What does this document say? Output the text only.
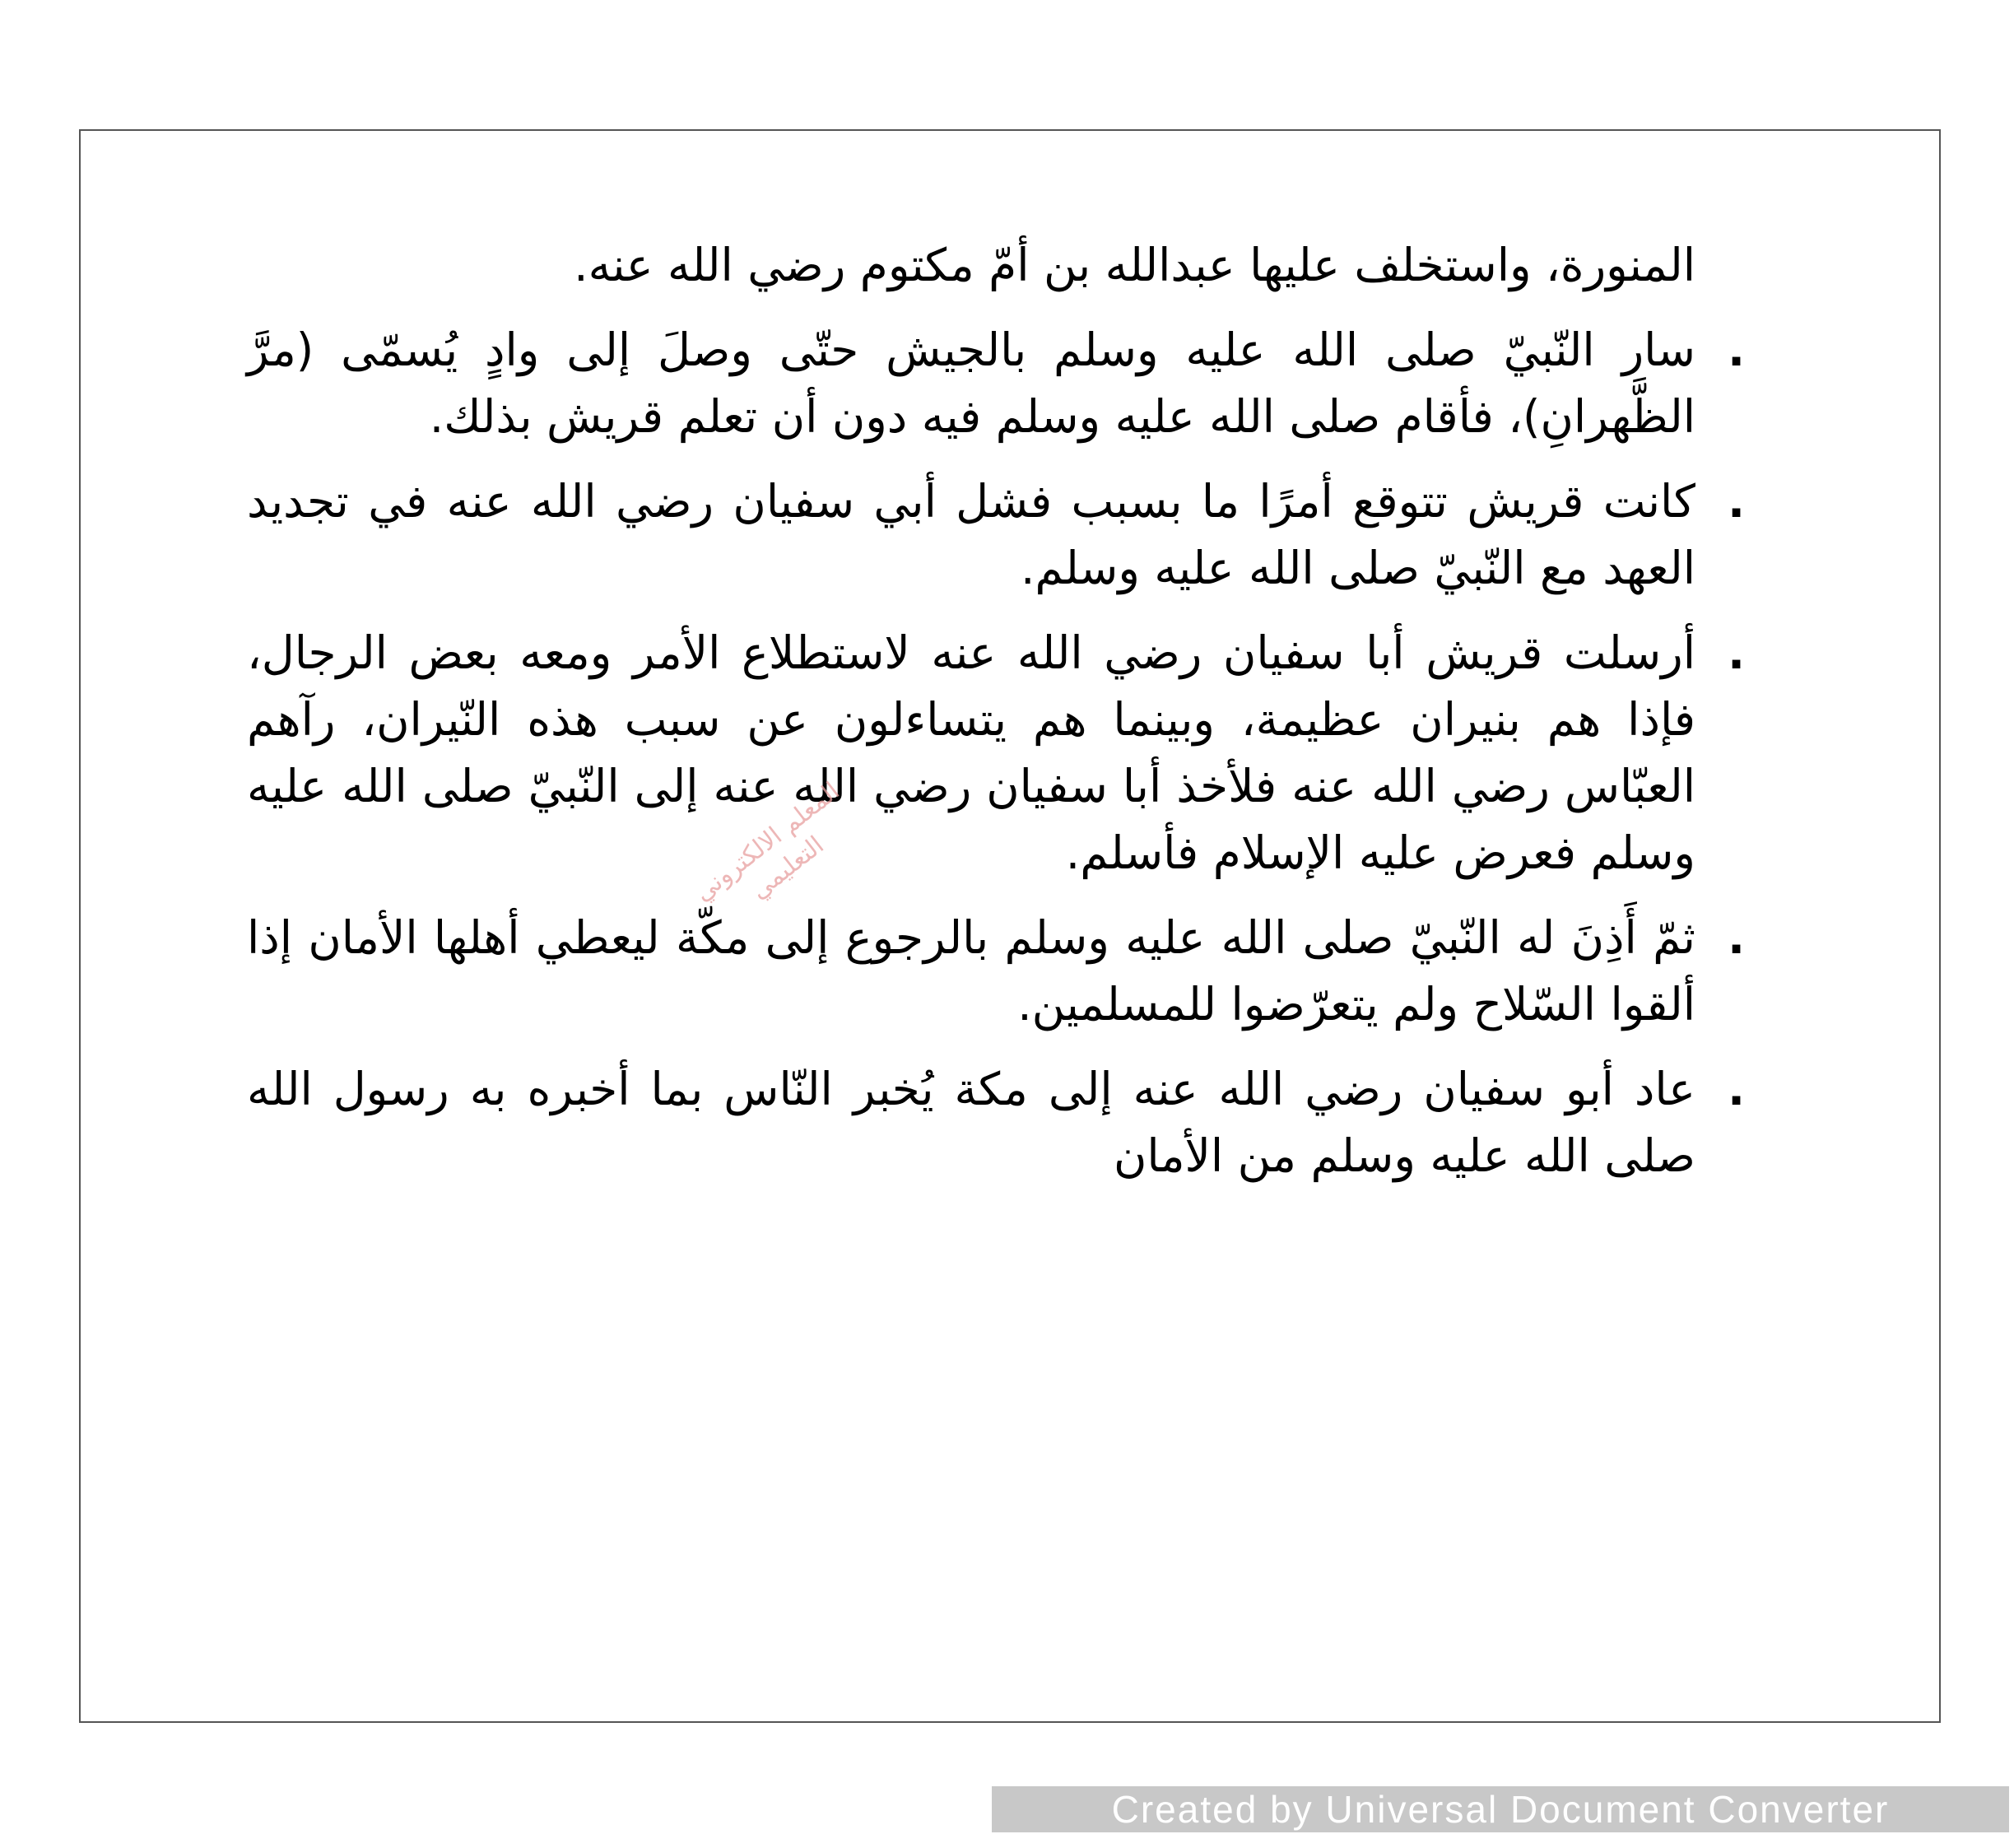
المنورة، واستخلف عليها عبدالله بن أمّ مكتوم رضي الله عنه.

.
سار النّبيّ صلى الله عليه وسلم بالجيش حتّى وصلَ إلى وادٍ يُسمّى (مرَّ الظَّهرانِ)، فأقام صلى الله عليه وسلم فيه دون أن تعلم قريش بذلك.
.
كانت قريش تتوقع أمرًا ما بسبب فشل أبي سفيان رضي الله عنه في تجديد العهد مع النّبيّ صلى الله عليه وسلم.
.
أرسلت قريش أبا سفيان رضي الله عنه لاستطلاع الأمر ومعه بعض الرجال، فإذا هم بنيران عظيمة، وبينما هم يتساءلون عن سبب هذه النّيران، رآهم العبّاس رضي الله عنه فلأخذ أبا سفيان رضي الله عنه إلى النّبيّ صلى الله عليه وسلم فعرض عليه الإسلام فأسلم.
.
ثمّ أَذِنَ له النّبيّ صلى الله عليه وسلم بالرجوع إلى مكّة ليعطي أهلها الأمان إذا ألقوا السّلاح ولم يتعرّضوا للمسلمين.
.
عاد أبو سفيان رضي الله عنه إلى مكة يُخبر النّاس بما أخبره به رسول الله صلى الله عليه وسلم من الأمان
المعلم الالكتروني التعليمي
Created by Universal Document Converter
